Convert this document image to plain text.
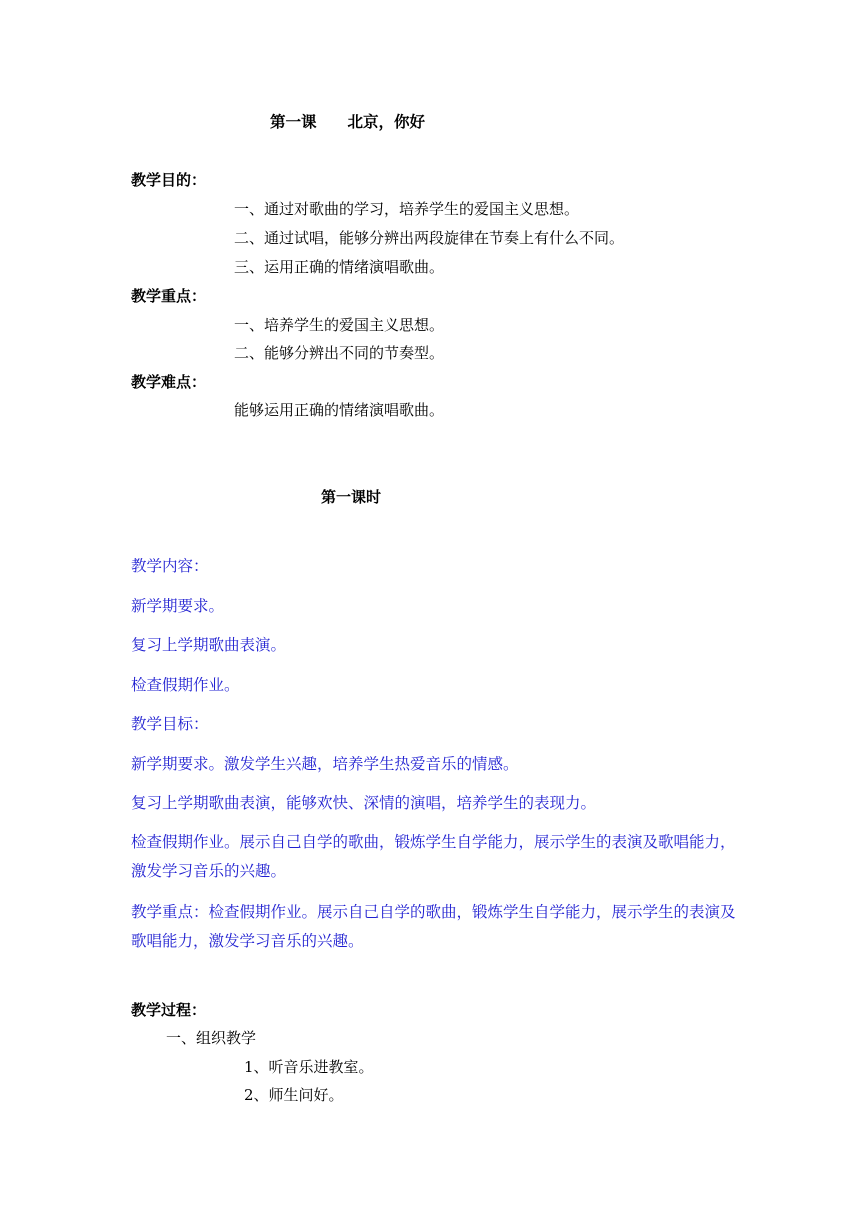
第一课　　北京，你好
教学目的：
一、通过对歌曲的学习，培养学生的爱国主义思想。
二、通过试唱，能够分辨出两段旋律在节奏上有什么不同。
三、运用正确的情绪演唱歌曲。
教学重点：
一、培养学生的爱国主义思想。
二、能够分辨出不同的节奏型。
教学难点：
能够运用正确的情绪演唱歌曲。
第一课时
教学内容：
新学期要求。
复习上学期歌曲表演。
检查假期作业。
教学目标：
新学期要求。激发学生兴趣，培养学生热爱音乐的情感。
复习上学期歌曲表演，能够欢快、深情的演唱，培养学生的表现力。
检查假期作业。展示自己自学的歌曲，锻炼学生自学能力，展示学生的表演及歌唱能力，激发学习音乐的兴趣。
教学重点：检查假期作业。展示自己自学的歌曲，锻炼学生自学能力，展示学生的表演及歌唱能力，激发学习音乐的兴趣。
教学过程：
一、组织教学
1、听音乐进教室。
2、师生问好。
